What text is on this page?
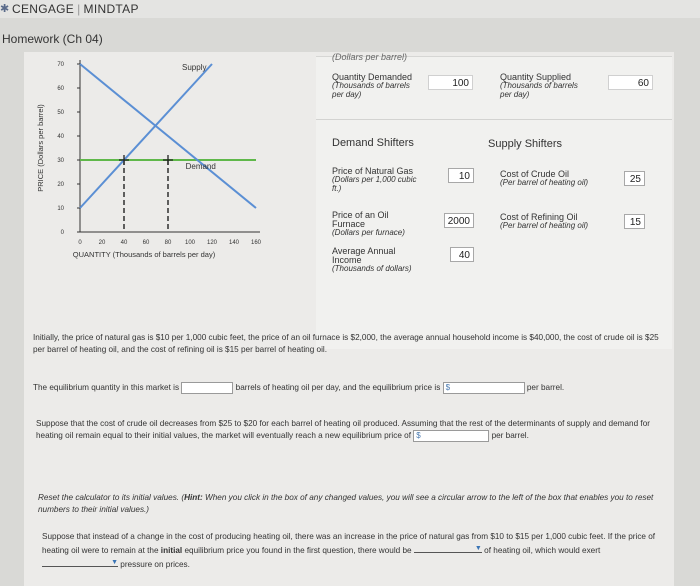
✱ CENGAGE | MINDTAP
Homework (Ch 04)
0
10
20
30
40
50
60
70
0	20	40	60	80 100 120 140 160
QUANTITY (Thousands of barrels per day)
PRICE (Dollars per barrel)
Supply
Demand
(Dollars per barrel)
Quantity Demanded
(Thousands of barrels per day)
100
Quantity Supplied
(Thousands of barrels per day)
60
Demand Shifters	Supply Shifters
Price of Natural Gas
(Dollars per 1,000 cubic ft.)
10
Price of an Oil Furnace
(Dollars per furnace)
2000
Average Annual Income
(Thousands of dollars)
40
Cost of Crude Oil
(Per barrel of heating oil)	25
Cost of Refining Oil
(Per barrel of heating oil)	15
Initially, the price of natural gas is $10 per 1,000 cubic feet, the price of an oil furnace is $2,000, the average annual household income is $40,000, the cost of crude oil is $25 per barrel of heating oil, and the cost of refining oil is $15 per barrel of heating oil.
The equilibrium quantity in this market is	barrels of heating oil per day, and the equilibrium price is $	per barrel.
Suppose that the cost of crude oil decreases from $25 to $20 for each barrel of heating oil produced. Assuming that the rest of the determinants of supply and demand for heating oil remain equal to their initial values, the market will eventually reach a new equilibrium price of $	per barrel.
Reset the calculator to its initial values. (Hint: When you click in the box of any changed values, you will see a circular arrow to the left of the box that enables you to reset numbers to their initial values.)
Suppose that instead of a change in the cost of producing heating oil, there was an increase in the price of natural gas from $10 to $15 per 1,000 cubic feet. If the price of heating oil were to remain at the initial equilibrium price you found in the first question, there would be	▼ of heating oil, which would exert
▼ pressure on prices.
